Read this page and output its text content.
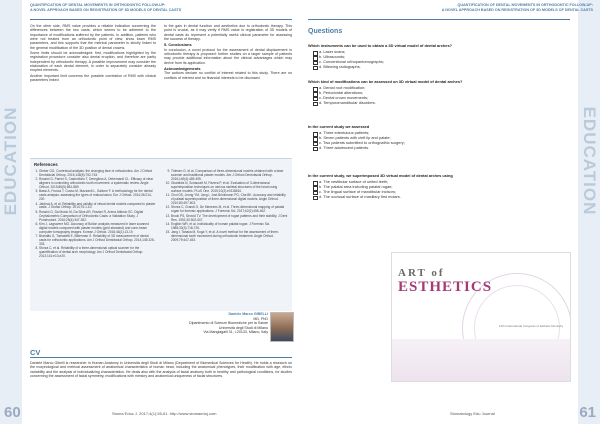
EDUCATION
QUANTIFICATION OF DENTAL MOVEMENTS IN ORTHODONTIC FOLLOW-UP:
A NOVEL APPROACH BASED ON REGISTRATION OF 3D MODELS OF DENTAL CASTS

On the other side, RMS value provides a reliable indication concerning the differences between the two casts, which seems to be adherent to the importance of modifications suffered by the patients. In addition, patients who were not treated from an orthodontic point of view, show lower RMS parameters, and this supports that the metrical parameter is strictly linked to the general modification of the 3D position of dental crowns.

Some limits should be acknowledged: first, modifications highlighted by the registration procedure consider also dental eruption, and therefore are partly independent by orthodontic therapy. A possible improvement may consider the elaboration of each dental element, in order to separately consider already erupted elements.

Another important limit concerns the possible correlation of RMS with clinical parameters linked

to the gain in dental function and aesthetics due to orthodontic therapy. This point is crucial, as it may verify if RMS value in registration of 3D models of dental casts do represent a potentially useful clinical parameter for assessing the success of therapy.

5. Conclusions

In conclusion, a novel protocol for the assessment of dental displacement in orthodontic therapy is proposed: further studies on a larger sample of patients may provide additional information about the clinical advantages which may derive from its application.

Acknowledgements

The authors declare no conflict of interest related to this study. There are no conflicts of interest and no financial interests to be disclosed.

References
1. Gleber GG. Contextual analysis: the changing face of orthodontics. Am J Orthod Dentofacial Orthop. 2015;148(5):752-763.
2. Rossini G, Parrini S, Castroflorio T, Deregibus A, Debernardi CL. Efficacy of clear aligners in controlling orthodontic tooth movement: a systematic review. Angle Orthod. 2015;85(5):881-889.
3. Bassi A, Frusca T, Cossu M, Mazzanti L, Gallone F. A methodology for the dental casts analysis: assessing the types of malocclusion. Eur J Orthod. 2014;36:214-220.
4. Jaklová A, et al. Reliability and validity of virtual dental models compared to plaster casts. J Orofac Orthop. 2014;75:1-10.
5. Rossini G, Da Mosto M, Da Silva AR, Rossini R, Arena Attinsio SC. Digital Cephalometric Comparison of Orthodontic Casts: a Validation Study. J Prosthodont. 2016;25(4):347-352.
6. Kim J, Lagravere MO. Accuracy of Bolton analysis measured in laser scanned digital models compared with plaster models (gold standard) and cone-beam computer tomography images. Korean J Orthod. 2016;46(1):13-19.
7. Brandão G, Tomasetti E, Bitterman S. Reliability of 3D measurement of dental casts for orthodontic applications. Am J Orthod Dentofacial Orthop. 2014;145:325-333.
8. Sforza C, et al. Reliability of a three-dimensional optical scanner for the quantification of dental arch morphology. Am J Orthod Dentofacial Orthop. 2012;141:e13-e20.
9. Thiesen G, et al. Comparison of three-dimensional models obtained with a laser scanner and traditional plaster models. Am J Orthod Dentofacial Orthop. 2016;149(4):489-495.
10. Gkantidis N, Schauseil M, Pazera P, et al. Evaluation of 3-dimensional superimposition techniques on various skeletal structures of the head using surface models. PLoS One. 2015;10(2):e0118810.
11. Choi DS, Jeong YM, Jang I, Jost-Brinkmann PG, Cha BK. Accuracy and reliability of palatal superimposition of three-dimensional digital models. Angle Orthod. 2010;80:497-503.
12. Sforza C, Grandi G, De Menezes M, et al. Three-dimensional mapping of palatal rugae for forensic applications. J Forensic Sci. 2017;62(2):456-462.
13. Brock PS, Sevold TV. The development of rugae patterns and their stability. J Dent Res. 1951;30:502-507.
14. English WR, et al. Individuality of human palatal rugae. J Forensic Sci. 1988;33(3):718-726.
15. Jang I, Tanaka M, Koga Y, et al. A novel method for the assessment of three-dimensional tooth movement during orthodontic treatment. Angle Orthod. 2009;79:447-453.
Daniele Marco GIBELLI
MD, PhD
Dipartimento di Scienze Biomediche per la Salute
Università degli Studi di Milano
Via Mangiagalli 31, I-20133, Milano, Italy
CV
Daniele Marco Gibelli is researcher in Human Anatomy in Università degli Studi di Milano (Department of Biomedical Sciences for Health). He holds a research on the morphological and metrical assessment of anatomical characteristics of human head, including the anatomical phenotypes, their modification with age, ethnic variability and the analysis of individualizing characteristics. He deals also with the analysis of facial anatomy both in healthy and pathological conditions, for studies concerning the assessment of facial symmetry, modifications with mimicry and anatomical uniqueness of facial structures.
Stoma Educ J. 2017;4(1):55-61. http://www.stomaeduj.com
60
EDUCATION
QUANTIFICATION OF DENTAL MOVEMENTS IN ORTHODONTIC FOLLOW-UP:
A NOVEL APPROACH BASED ON REGISTRATION OF 3D MODELS OF DENTAL CASTS
Questions
Which instruments can be used to obtain a 3D virtual model of dental arches?
a. Laser scans;
b. Ultrasounds;
c. Conventional orthopantomographs;
d. Bitewing radiographs.
Which kind of modifications can be assessed on 3D virtual model of dental arches?
a. Dental root modification;
b. Periodontal alterations;
c. Dental crown movements;
d. Temporomandibular disorders.
In the current study we assessed
a. Three edentulous patients;
b. Seven patients with cleft lip and palate;
c. Two patients submitted to orthognathic surgery;
d. Three adolescent patients.
In the current study, we superimposed 3D virtual model of dental arches using
a. The vestibular surface of united teeth;
b. The palatal area including palatal rugae;
c. The lingual surface of mandibular incisors;
d. The occlusal surface of maxillary first molars.
ART of
ESTHETICS
14th International Congress of Esthetic Dentistry
Stomatology Edu Journal	61
